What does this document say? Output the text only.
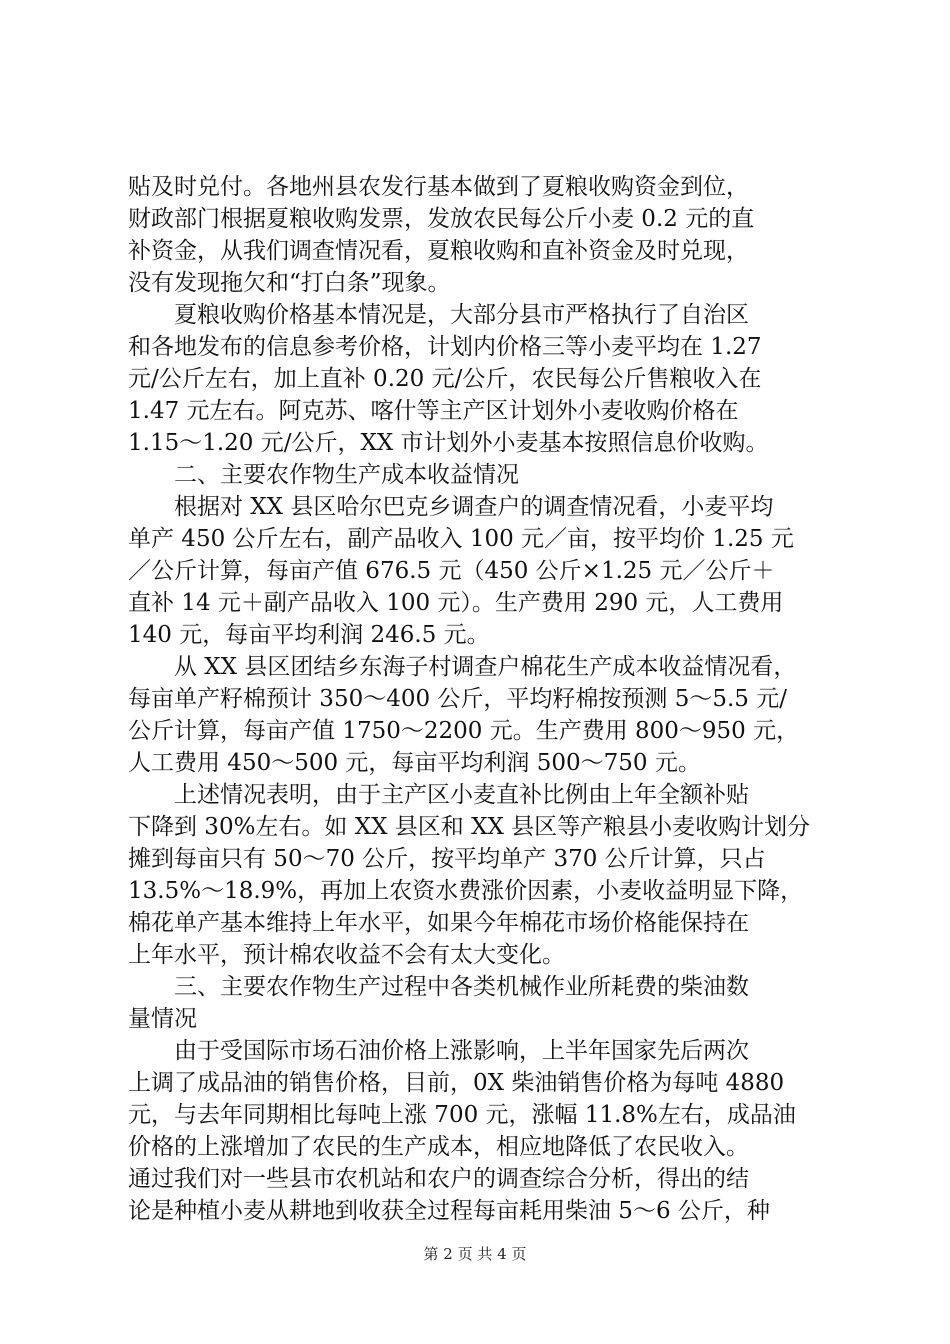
贴及时兑付。各地州县农发行基本做到了夏粮收购资金到位，
财政部门根据夏粮收购发票，发放农民每公斤小麦 0.2 元的直
补资金，从我们调查情况看，夏粮收购和直补资金及时兑现，
没有发现拖欠和“打白条”现象。
夏粮收购价格基本情况是，大部分县市严格执行了自治区
和各地发布的信息参考价格，计划内价格三等小麦平均在 1.27
元/公斤左右，加上直补 0.20 元/公斤，农民每公斤售粮收入在
1.47 元左右。阿克苏、喀什等主产区计划外小麦收购价格在
1.15～1.20 元/公斤，XX 市计划外小麦基本按照信息价收购。
二、主要农作物生产成本收益情况
根据对 XX 县区哈尔巴克乡调查户的调查情况看，小麦平均
单产 450 公斤左右，副产品收入 100 元／亩，按平均价 1.25 元
／公斤计算，每亩产值 676.5 元（450 公斤×1.25 元／公斤＋
直补 14 元＋副产品收入 100 元）。生产费用 290 元，人工费用
140 元，每亩平均利润 246.5 元。
从 XX 县区团结乡东海子村调查户棉花生产成本收益情况看，
每亩单产籽棉预计 350～400 公斤，平均籽棉按预测 5～5.5 元/
公斤计算，每亩产值 1750～2200 元。生产费用 800～950 元，
人工费用 450～500 元，每亩平均利润 500～750 元。
上述情况表明，由于主产区小麦直补比例由上年全额补贴
下降到 30%左右。如 XX 县区和 XX 县区等产粮县小麦收购计划分
摊到每亩只有 50～70 公斤，按平均单产 370 公斤计算，只占
13.5%～18.9%，再加上农资水费涨价因素，小麦收益明显下降，
棉花单产基本维持上年水平，如果今年棉花市场价格能保持在
上年水平，预计棉农收益不会有太大变化。
三、主要农作物生产过程中各类机械作业所耗费的柴油数
量情况
由于受国际市场石油价格上涨影响，上半年国家先后两次
上调了成品油的销售价格，目前，0X 柴油销售价格为每吨 4880
元，与去年同期相比每吨上涨 700 元，涨幅 11.8%左右，成品油
价格的上涨增加了农民的生产成本，相应地降低了农民收入。
通过我们对一些县市农机站和农户的调查综合分析，得出的结
论是种植小麦从耕地到收获全过程每亩耗用柴油 5～6 公斤，种
第 2 页 共 4 页
